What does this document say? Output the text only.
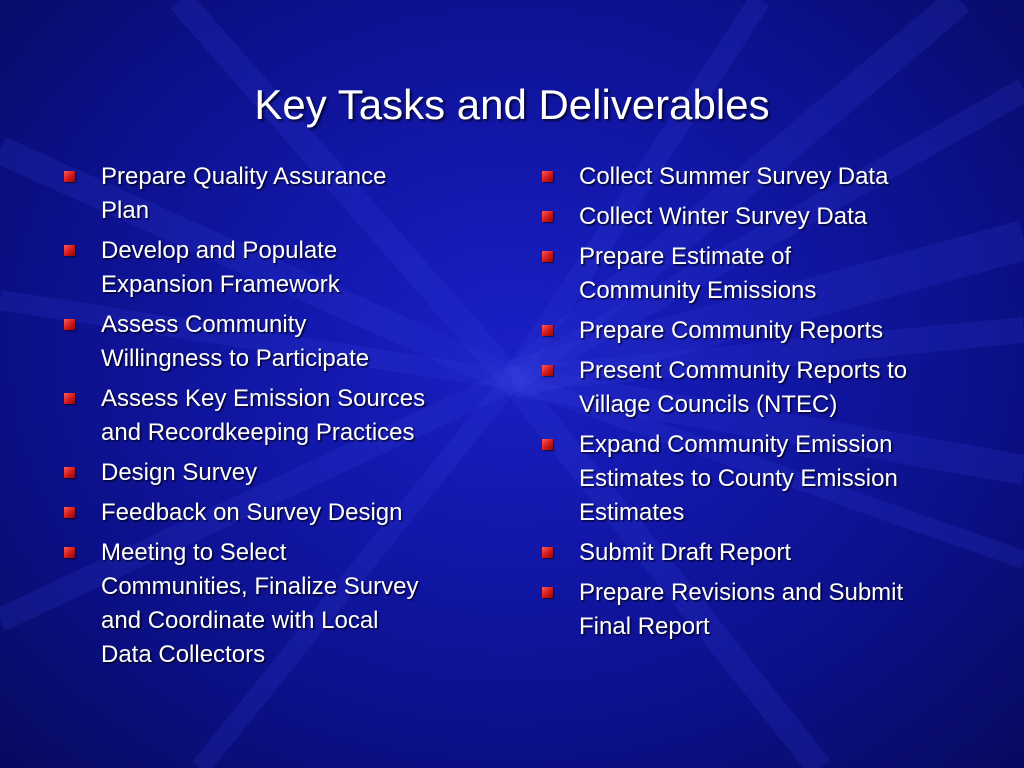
Key Tasks and Deliverables
Prepare Quality Assurance
Plan
Develop and Populate
Expansion Framework
Assess Community
Willingness to Participate
Assess Key Emission Sources
and Recordkeeping Practices
Design Survey
Feedback on Survey Design
Meeting to Select
Communities, Finalize Survey
and Coordinate with Local
Data Collectors
Collect Summer Survey Data
Collect Winter Survey Data
Prepare Estimate of
Community Emissions
Prepare Community Reports
Present Community Reports to
Village Councils (NTEC)
Expand Community Emission
Estimates to County Emission
Estimates
Submit Draft Report
Prepare Revisions and Submit
Final Report
